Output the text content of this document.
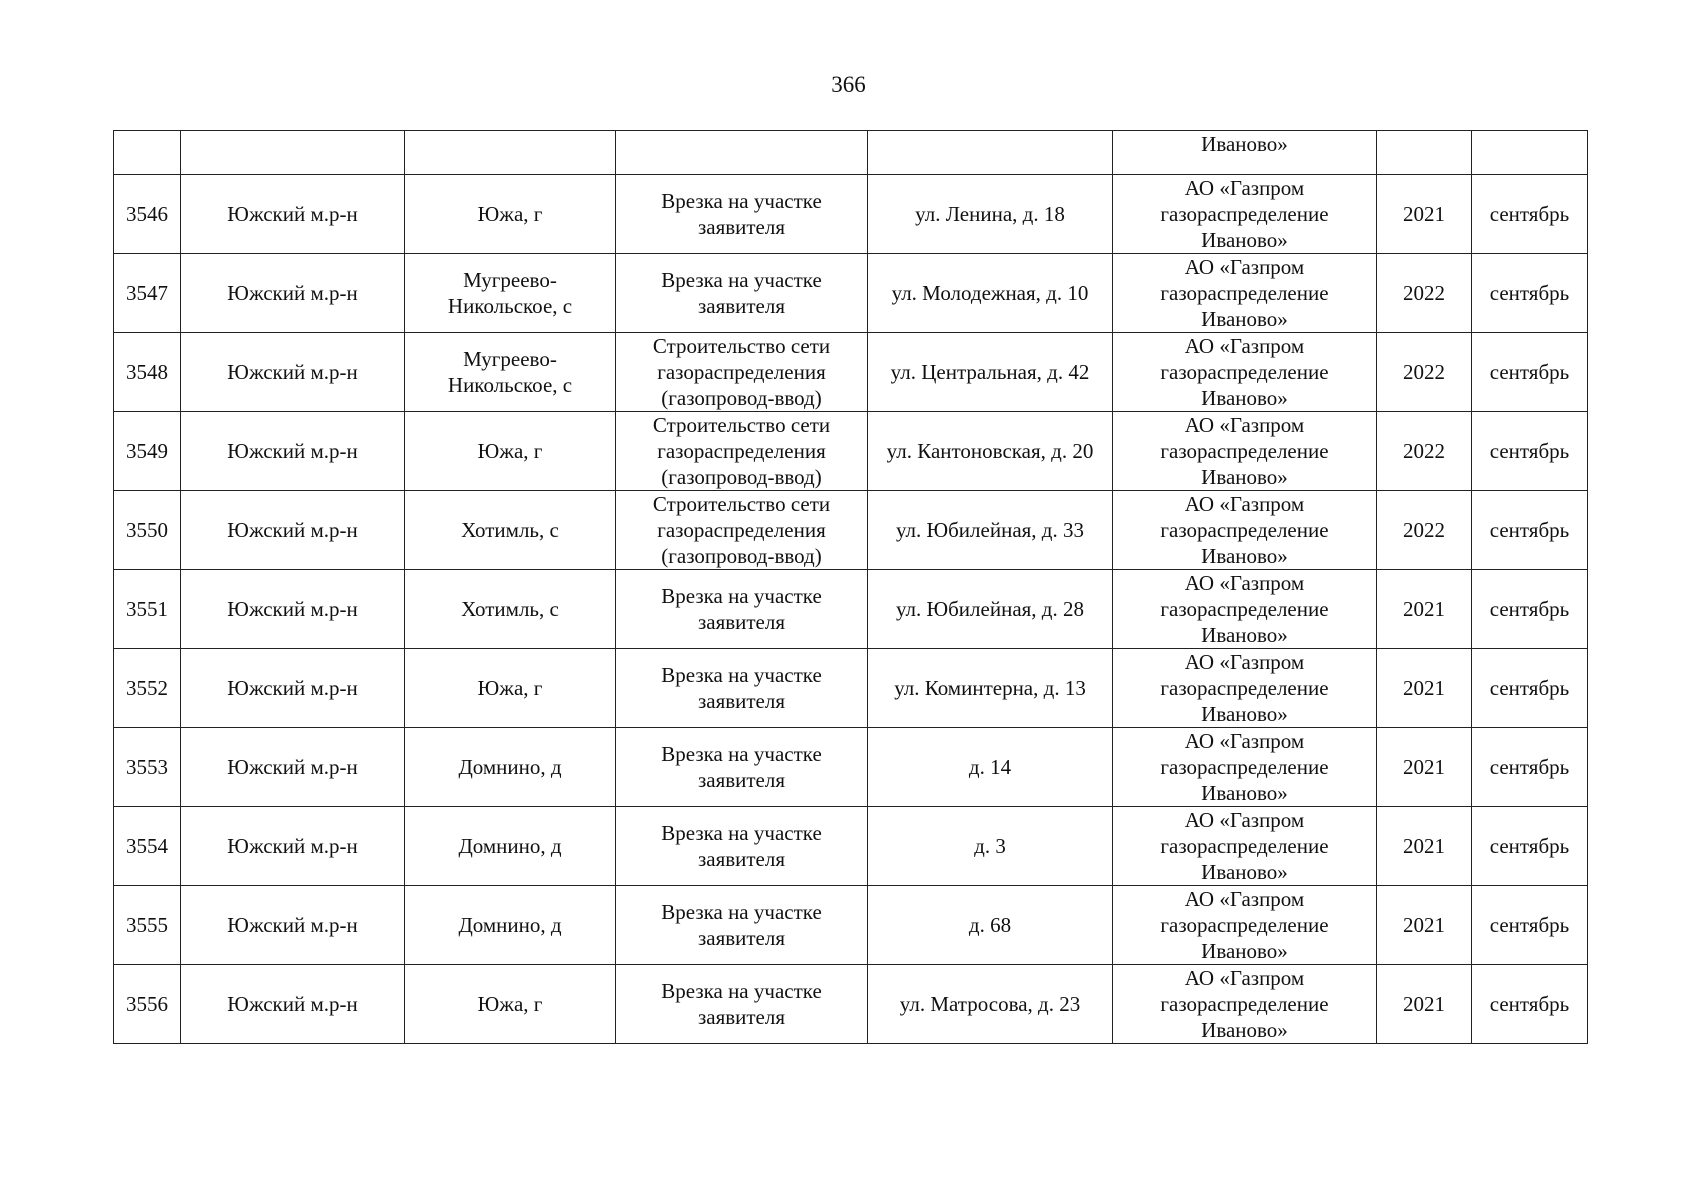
366
					Иваново»		
3546	Южский м.р-н	Южа, г	Врезка на участке
заявителя	ул. Ленина, д. 18	АО «Газпром
газораспределение
Иваново»	2021	сентябрь
3547	Южский м.р-н	Мугреево-
Никольское, с	Врезка на участке
заявителя	ул. Молодежная, д. 10	АО «Газпром
газораспределение
Иваново»	2022	сентябрь
3548	Южский м.р-н	Мугреево-
Никольское, с	Строительство сети
газораспределения
(газопровод-ввод)	ул. Центральная, д. 42	АО «Газпром
газораспределение
Иваново»	2022	сентябрь
3549	Южский м.р-н	Южа, г	Строительство сети
газораспределения
(газопровод-ввод)	ул. Кантоновская, д. 20	АО «Газпром
газораспределение
Иваново»	2022	сентябрь
3550	Южский м.р-н	Хотимль, с	Строительство сети
газораспределения
(газопровод-ввод)	ул. Юбилейная, д. 33	АО «Газпром
газораспределение
Иваново»	2022	сентябрь
3551	Южский м.р-н	Хотимль, с	Врезка на участке
заявителя	ул. Юбилейная, д. 28	АО «Газпром
газораспределение
Иваново»	2021	сентябрь
3552	Южский м.р-н	Южа, г	Врезка на участке
заявителя	ул. Коминтерна, д. 13	АО «Газпром
газораспределение
Иваново»	2021	сентябрь
3553	Южский м.р-н	Домнино, д	Врезка на участке
заявителя	д. 14	АО «Газпром
газораспределение
Иваново»	2021	сентябрь
3554	Южский м.р-н	Домнино, д	Врезка на участке
заявителя	д. 3	АО «Газпром
газораспределение
Иваново»	2021	сентябрь
3555	Южский м.р-н	Домнино, д	Врезка на участке
заявителя	д. 68	АО «Газпром
газораспределение
Иваново»	2021	сентябрь
3556	Южский м.р-н	Южа, г	Врезка на участке
заявителя	ул. Матросова, д. 23	АО «Газпром
газораспределение
Иваново»	2021	сентябрь
